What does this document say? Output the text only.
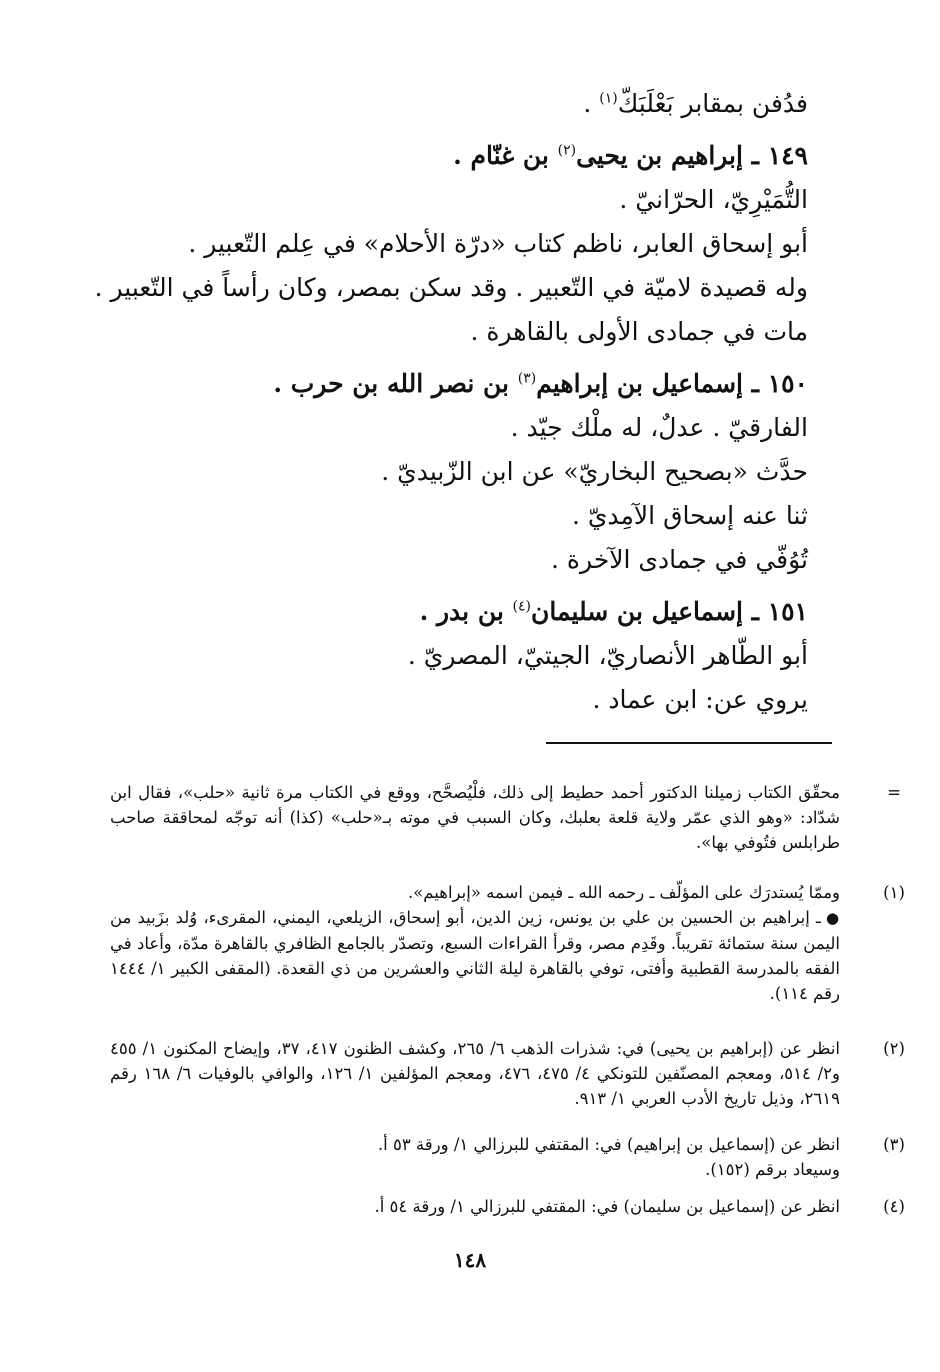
فدُفن بمقابر بَعْلَبَكّ$^{(١)}$ .
١٤٩ ـ إبراهيم بن يحيى$^{(٢)}$ بن غنّام .
التُّمَيْرِيّ، الحرّانيّ .
أبو إسحاق العابر، ناظم كتاب «درّة الأحلام» في عِلم التّعبير .
وله قصيدة لاميّة في التّعبير . وقد سكن بمصر، وكان رأساً في التّعبير .
مات في جمادى الأولى بالقاهرة .
١٥٠ ـ إسماعيل بن إبراهيم$^{(٣)}$ بن نصر الله بن حرب .
الفارقيّ . عدلٌ، له ملْك جيّد .
حدَّث «بصحيح البخاريّ» عن ابن الزّبيديّ .
ثنا عنه إسحاق الآمِديّ .
تُوُفّي في جمادى الآخرة .
١٥١ ـ إسماعيل بن سليمان$^{(٤)}$ بن بدر .
أبو الطّاهر الأنصاريّ، الجيتيّ، المصريّ .
يروي عن: ابن عماد .
=

محقّق الكتاب زميلنا الدكتور أحمد حطيط إلى ذلك، فلْيُصحَّح، ووقع في الكتاب مرة ثانية «حلب»، فقال ابن شدّاد: «وهو الذي عمّر ولاية قلعة بعلبك، وكان السبب في موته بـ«حلب» (كذا) أنه توجّه لمحاققة صاحب طرابلس فتُوفي بها».

(١)

وممّا يُستدرَك على المؤلّف ـ رحمه الله ـ فيمن اسمه «إبراهيم».

● ـ إبراهيم بن الحسين بن علي بن يونس، زين الدين، أبو إسحاق، الزيلعي، اليمني، المقرىء، وُلد بزَبيد من اليمن سنة ستمائة تقريباً. وقَدِم مصر، وقرأ القراءات السبع، وتصدّر بالجامع الظافري بالقاهرة مدّة، وأعاد في الفقه بالمدرسة القطبية وأفتى، توفي بالقاهرة ليلة الثاني والعشرين من ذي القعدة. (المقفى الكبير ١/ ١٤٤٤ رقم ١١٤).

(٢)

انظر عن (إبراهيم بن يحيى) في: شذرات الذهب ٦/ ٢٦٥، وكشف الظنون ٤١٧، ٣٧، وإيضاح المكنون ١/ ٤٥٥ و٢/ ٥١٤، ومعجم المصنّفين للتونكي ٤/ ٤٧٥، ٤٧٦، ومعجم المؤلفين ١/ ١٢٦، والوافي بالوفيات ٦/ ١٦٨ رقم ٢٦١٩، وذيل تاريخ الأدب العربي ١/ ٩١٣.

(٣)

انظر عن (إسماعيل بن إبراهيم) في: المقتفي للبرزالي ١/ ورقة ٥٣ أ.

وسيعاد برقم (١٥٢).

(٤)

انظر عن (إسماعيل بن سليمان) في: المقتفي للبرزالي ١/ ورقة ٥٤ أ.

١٤٨
